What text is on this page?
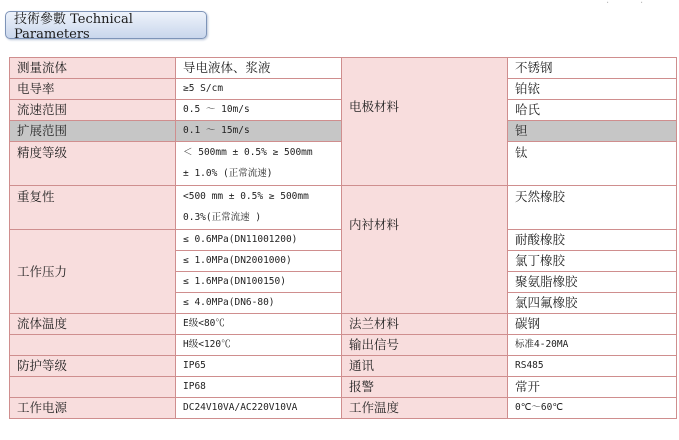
技術參數 Technical Parameters
·	·
测量流体	导电液体、浆液	电极材料	不锈钢
电导率	≥5 S/cm		铂铱
流速范围	0.5 ～ 10m/s		哈氏
扩展范围	0.1 ～ 15m/s		钽
精度等级	＜ 500mm ± 0.5% ≥ 500mm
± 1.0% (正常流速)		钛

重复性	<500 mm ± 0.5% ≥ 500mm
0.3%(正常流速 )	内衬材料	天然橡胶

工作压力	≤ 0.6MPa(DN11001200)		耐酸橡胶
	≤ 1.0MPa(DN2001000)		氯丁橡胶
	≤ 1.6MPa(DN100150)		聚氨脂橡胶
	≤ 4.0MPa(DN6-80)		氯四氟橡胶
流体温度	E级<80℃	法兰材料	碳钢
	H级<120℃	输出信号	标准4-20MA
防护等级	IP65	通讯	RS485
	IP68	报警	常开
工作电源	DC24V10VA/AC220V10VA	工作温度	0℃～60℃
